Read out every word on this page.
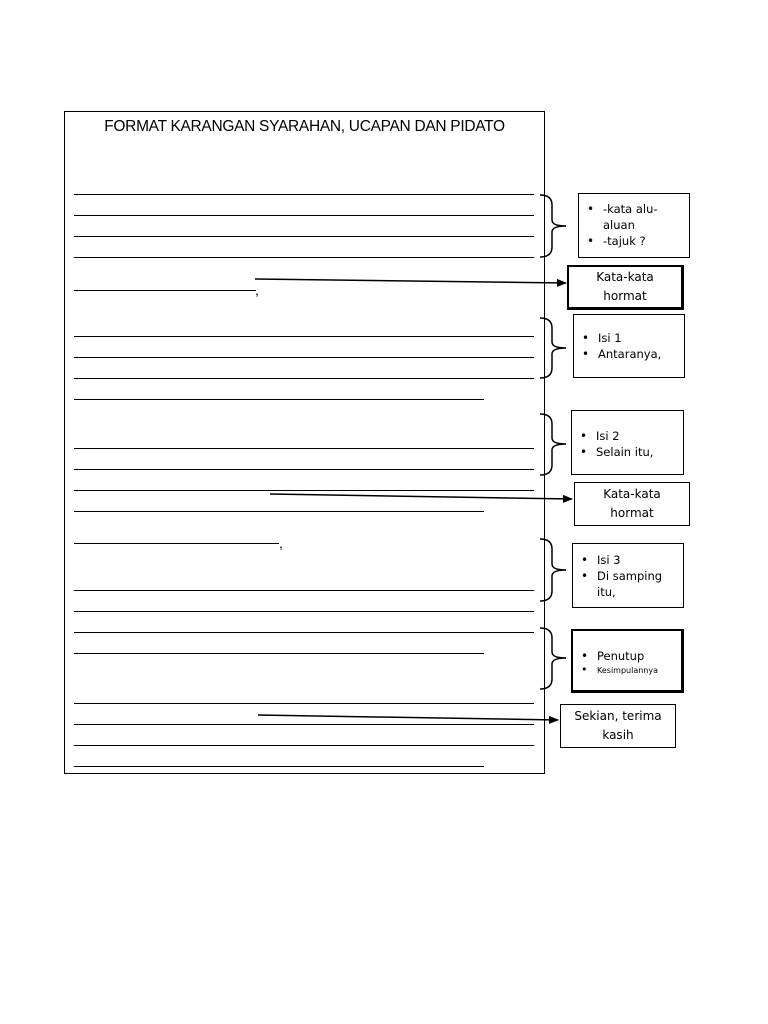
FORMAT KARANGAN SYARAHAN, UCAPAN DAN PIDATO
,
,
• -kata alu-aluan
• -tajuk ?
Kata-kata hormat
• Isi 1
• Antaranya,
• Isi 2
• Selain itu,
Kata-kata hormat
• Isi 3
• Di samping itu,
• Penutup
• Kesimpulannya
Sekian, terima kasih
